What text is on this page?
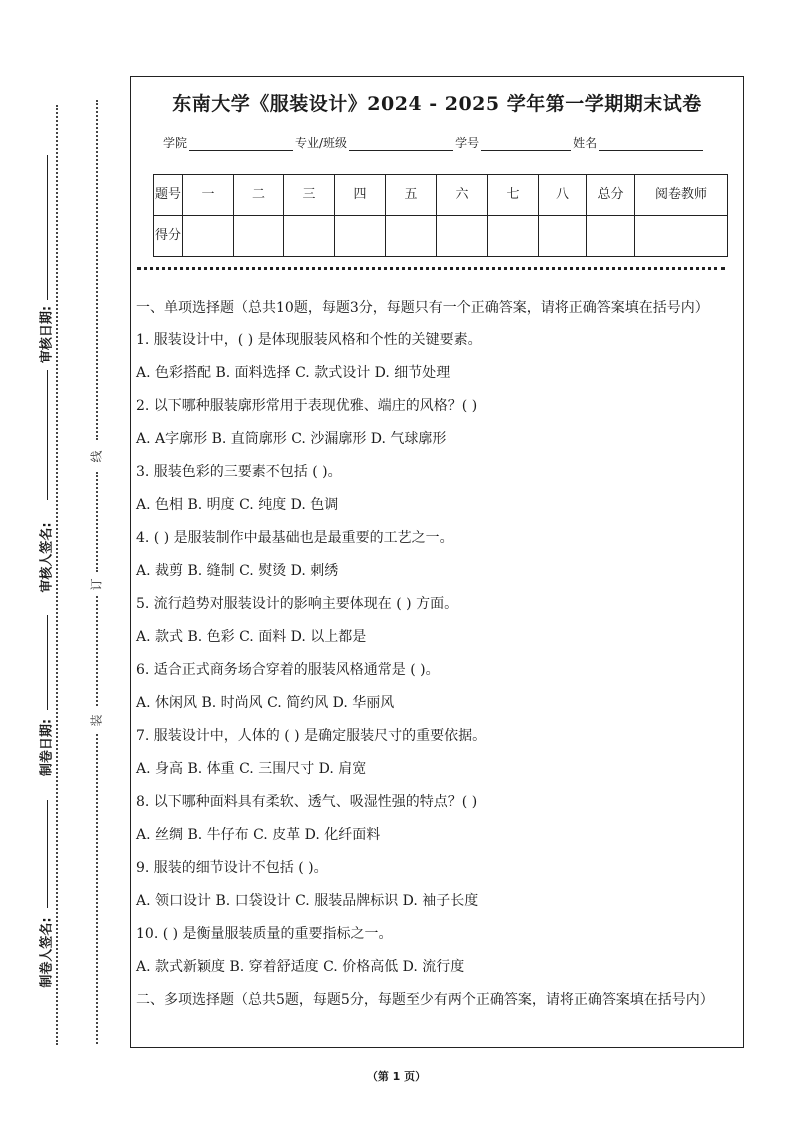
审核日期:
审核人签名:
制卷日期:
制卷人签名:
线
订
装
东南大学《服装设计》2024 - 2025 学年第一学期期末试卷
学院	专业/班级	学号	姓名
题号	一	二	三	四	五	六	七	八	总分	阅卷教师
得分										
一、单项选择题（总共10题，每题3分，每题只有一个正确答案，请将正确答案填在括号内）
1. 服装设计中，( ) 是体现服装风格和个性的关键要素。
A. 色彩搭配 B. 面料选择 C. 款式设计 D. 细节处理
2. 以下哪种服装廓形常用于表现优雅、端庄的风格？( )
A. A字廓形 B. 直筒廓形 C. 沙漏廓形 D. 气球廓形
3. 服装色彩的三要素不包括 ( )。
A. 色相 B. 明度 C. 纯度 D. 色调
4. ( ) 是服装制作中最基础也是最重要的工艺之一。
A. 裁剪 B. 缝制 C. 熨烫 D. 刺绣
5. 流行趋势对服装设计的影响主要体现在 ( ) 方面。
A. 款式 B. 色彩 C. 面料 D. 以上都是
6. 适合正式商务场合穿着的服装风格通常是 ( )。
A. 休闲风 B. 时尚风 C. 简约风 D. 华丽风
7. 服装设计中，人体的 ( ) 是确定服装尺寸的重要依据。
A. 身高 B. 体重 C. 三围尺寸 D. 肩宽
8. 以下哪种面料具有柔软、透气、吸湿性强的特点？( )
A. 丝绸 B. 牛仔布 C. 皮革 D. 化纤面料
9. 服装的细节设计不包括 ( )。
A. 领口设计 B. 口袋设计 C. 服装品牌标识 D. 袖子长度
10. ( ) 是衡量服装质量的重要指标之一。
A. 款式新颖度 B. 穿着舒适度 C. 价格高低 D. 流行度
二、多项选择题（总共5题，每题5分，每题至少有两个正确答案，请将正确答案填在括号内）
（第 1 页）
